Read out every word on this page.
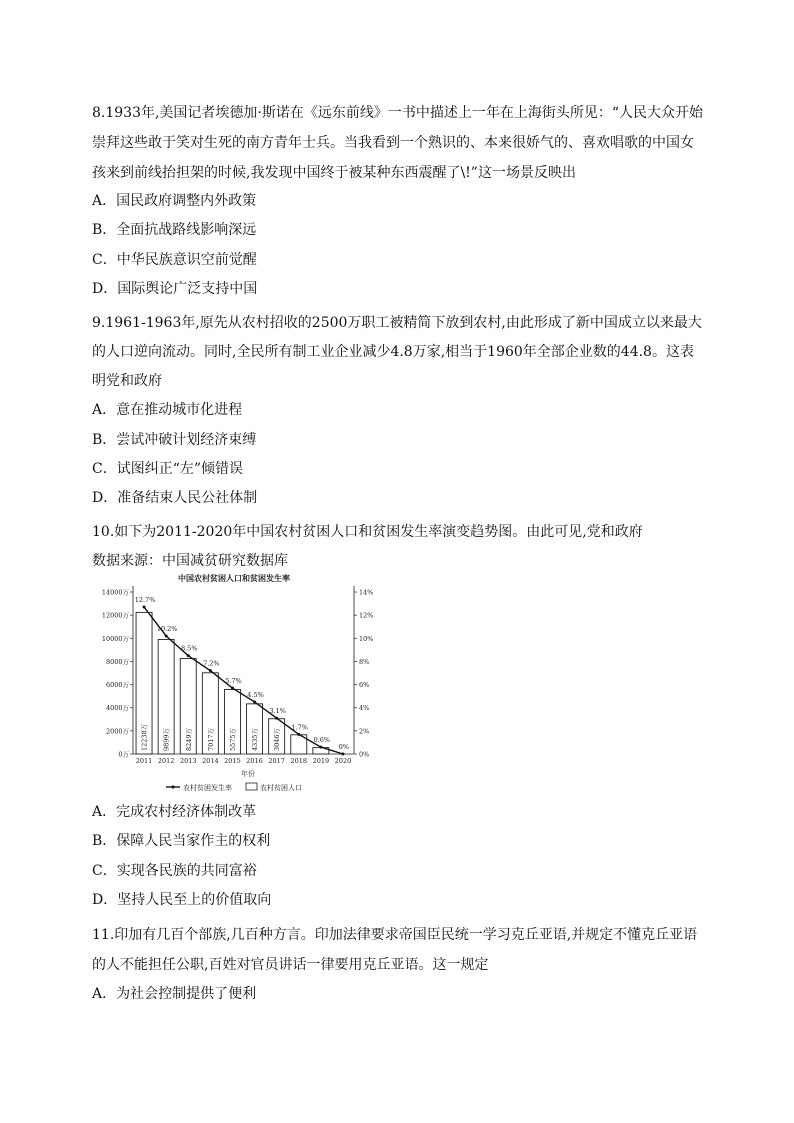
8.1933年,美国记者埃德加·斯诺在《远东前线》一书中描述上一年在上海街头所见：“人民大众开始
崇拜这些敢于笑对生死的南方青年士兵。当我看到一个熟识的、本来很娇气的、喜欢唱歌的中国女
孩来到前线抬担架的时候,我发现中国终于被某种东西震醒了\!”这一场景反映出
A．国民政府调整内外政策
B．全面抗战路线影响深远
C．中华民族意识空前觉醒
D．国际舆论广泛支持中国
9.1961-1963年,原先从农村招收的2500万职工被精简下放到农村,由此形成了新中国成立以来最大
的人口逆向流动。同时,全民所有制工业企业减少4.8万家,相当于1960年全部企业数的44.8。这表
明党和政府
A．意在推动城市化进程
B．尝试冲破计划经济束缚
C．试图纠正“左”倾错误
D．准备结束人民公社体制
10.如下为2011-2020年中国农村贫困人口和贫困发生率演变趋势图。由此可见,党和政府
数据来源：中国减贫研究数据库
中国农村贫困人口和贫困发生率
0万
2000万
4000万
6000万
8000万
10000万
12000万
14000万
0%
2%
4%
6%
8%
10%
12%
14%
12238万 9899万 8249万 7017万 5575万 4335万 3046万
12.7%
10.2%
8.5%
7.2%
5.7%
4.5%
3.1%
1.7%
0.6%
0%
2011 2012 2013 2014 2015 2016 2017 2018 2019 2020
年份
农村贫困发生率	农村贫困人口
A．完成农村经济体制改革
B．保障人民当家作主的权利
C．实现各民族的共同富裕
D．坚持人民至上的价值取向
11.印加有几百个部族,几百种方言。印加法律要求帝国臣民统一学习克丘亚语,并规定不懂克丘亚语
的人不能担任公职,百姓对官员讲话一律要用克丘亚语。这一规定
A．为社会控制提供了便利
